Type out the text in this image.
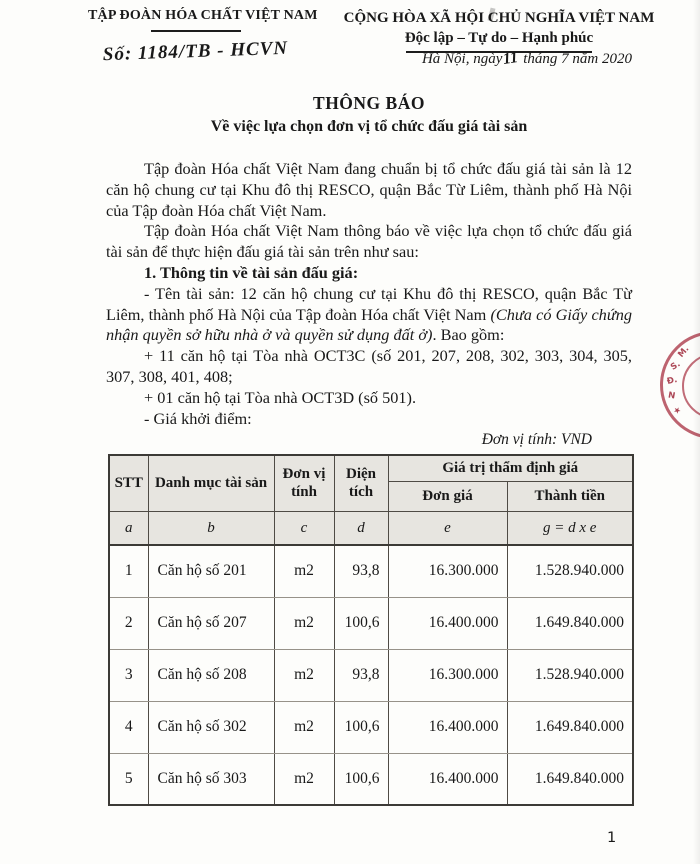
TẬP ĐOÀN HÓA CHẤT VIỆT NAM
Số: 1184/TB - HCVN
CỘNG HÒA XÃ HỘI CHỦ NGHĨA VIỆT NAM
Độc lập – Tự do – Hạnh phúc
Hà Nội, ngày11 tháng 7 năm 2020
THÔNG BÁO
Về việc lựa chọn đơn vị tổ chức đấu giá tài sản

Tập đoàn Hóa chất Việt Nam đang chuẩn bị tổ chức đấu giá tài sản là 12 căn hộ chung cư tại Khu đô thị RESCO, quận Bắc Từ Liêm, thành phố Hà Nội của Tập đoàn Hóa chất Việt Nam.

Tập đoàn Hóa chất Việt Nam thông báo về việc lựa chọn tổ chức đấu giá tài sản để thực hiện đấu giá tài sản trên như sau:

1. Thông tin về tài sản đấu giá:

- Tên tài sản: 12 căn hộ chung cư tại Khu đô thị RESCO, quận Bắc Từ Liêm, thành phố Hà Nội của Tập đoàn Hóa chất Việt Nam (Chưa có Giấy chứng nhận quyền sở hữu nhà ở và quyền sử dụng đất ở). Bao gồm:

+ 11 căn hộ tại Tòa nhà OCT3C (số 201, 207, 208, 302, 303, 304, 305, 307, 308, 401, 408;

+ 01 căn hộ tại Tòa nhà OCT3D (số 501).

- Giá khởi điểm:

Đơn vị tính: VND
STT	Danh mục tài sản	Đơn vị tính	Diện tích	Giá trị thẩm định giá	
				Đơn giá	Thành tiền
a	b	c	d	e	g = d x e
1	Căn hộ số 201	m2	93,8	16.300.000	1.528.940.000
2	Căn hộ số 207	m2	100,6	16.400.000	1.649.840.000
3	Căn hộ số 208	m2	93,8	16.300.000	1.528.940.000
4	Căn hộ số 302	m2	100,6	16.400.000	1.649.840.000
5	Căn hộ số 303	m2	100,6	16.400.000	1.649.840.000
M.
S.
Đ.
N
★
1
